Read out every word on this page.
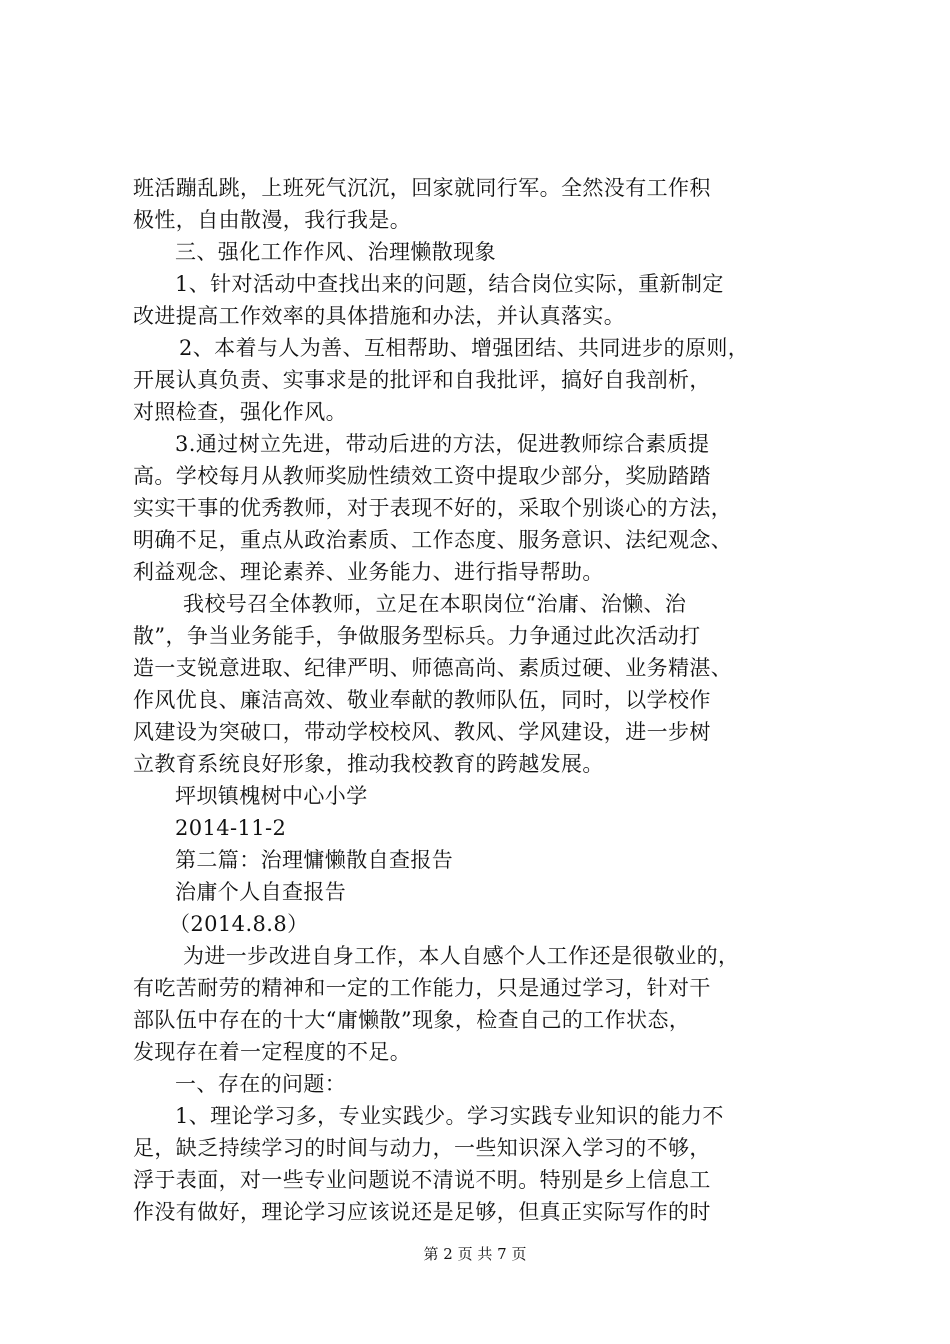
班活蹦乱跳，上班死气沉沉，回家就同行军。全然没有工作积
极性，自由散漫，我行我是。
三、强化工作作风、治理懒散现象
1、针对活动中查找出来的问题，结合岗位实际，重新制定
改进提高工作效率的具体措施和办法，并认真落实。
2、本着与人为善、互相帮助、增强团结、共同进步的原则，
开展认真负责、实事求是的批评和自我批评，搞好自我剖析，
对照检查，强化作风。
3.通过树立先进，带动后进的方法，促进教师综合素质提
高。学校每月从教师奖励性绩效工资中提取少部分，奖励踏踏
实实干事的优秀教师，对于表现不好的，采取个别谈心的方法，
明确不足，重点从政治素质、工作态度、服务意识、法纪观念、
利益观念、理论素养、业务能力、进行指导帮助。
我校号召全体教师，立足在本职岗位“治庸、治懒、治
散”，争当业务能手，争做服务型标兵。力争通过此次活动打
造一支锐意进取、纪律严明、师德高尚、素质过硬、业务精湛、
作风优良、廉洁高效、敬业奉献的教师队伍，同时，以学校作
风建设为突破口，带动学校校风、教风、学风建设，进一步树
立教育系统良好形象，推动我校教育的跨越发展。
坪坝镇槐树中心小学
2014-11-2
第二篇：治理慵懒散自查报告
治庸个人自查报告
（2014.8.8）
为进一步改进自身工作，本人自感个人工作还是很敬业的，
有吃苦耐劳的精神和一定的工作能力，只是通过学习，针对干
部队伍中存在的十大“庸懒散”现象，检查自己的工作状态，
发现存在着一定程度的不足。
一、存在的问题：
1、理论学习多，专业实践少。学习实践专业知识的能力不
足，缺乏持续学习的时间与动力，一些知识深入学习的不够，
浮于表面，对一些专业问题说不清说不明。特别是乡上信息工
作没有做好，理论学习应该说还是足够，但真正实际写作的时
第 2 页 共 7 页
